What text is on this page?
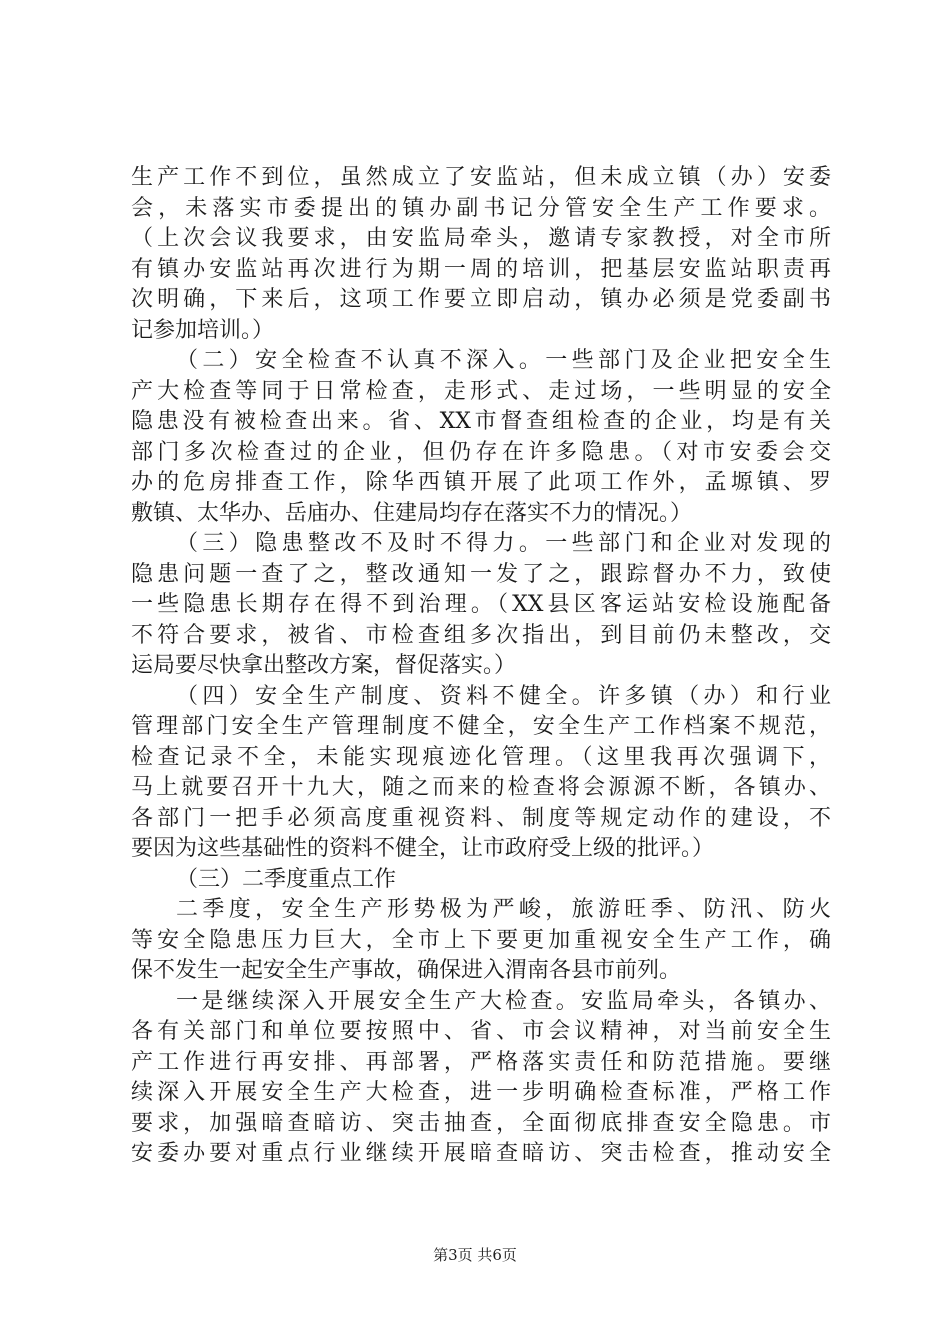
生产工作不到位，虽然成立了安监站，但未成立镇（办）安委
会，未落实市委提出的镇办副书记分管安全生产工作要求。
（上次会议我要求，由安监局牵头，邀请专家教授，对全市所
有镇办安监站再次进行为期一周的培训，把基层安监站职责再
次明确，下来后，这项工作要立即启动，镇办必须是党委副书
记参加培训。）
（二）安全检查不认真不深入。一些部门及企业把安全生
产大检查等同于日常检查，走形式、走过场，一些明显的安全
隐患没有被检查出来。省、XX市督查组检查的企业，均是有关
部门多次检查过的企业，但仍存在许多隐患。（对市安委会交
办的危房排查工作，除华西镇开展了此项工作外，孟塬镇、罗
敷镇、太华办、岳庙办、住建局均存在落实不力的情况。）
（三）隐患整改不及时不得力。一些部门和企业对发现的
隐患问题一查了之，整改通知一发了之，跟踪督办不力，致使
一些隐患长期存在得不到治理。（XX县区客运站安检设施配备
不符合要求，被省、市检查组多次指出，到目前仍未整改，交
运局要尽快拿出整改方案，督促落实。）
（四）安全生产制度、资料不健全。许多镇（办）和行业
管理部门安全生产管理制度不健全，安全生产工作档案不规范，
检查记录不全，未能实现痕迹化管理。（这里我再次强调下，
马上就要召开十九大，随之而来的检查将会源源不断，各镇办、
各部门一把手必须高度重视资料、制度等规定动作的建设，不
要因为这些基础性的资料不健全，让市政府受上级的批评。）
（三）二季度重点工作
二季度，安全生产形势极为严峻，旅游旺季、防汛、防火
等安全隐患压力巨大，全市上下要更加重视安全生产工作，确
保不发生一起安全生产事故，确保进入渭南各县市前列。
一是继续深入开展安全生产大检查。安监局牵头，各镇办、
各有关部门和单位要按照中、省、市会议精神，对当前安全生
产工作进行再安排、再部署，严格落实责任和防范措施。要继
续深入开展安全生产大检查，进一步明确检查标准，严格工作
要求，加强暗查暗访、突击抽查，全面彻底排查安全隐患。市
安委办要对重点行业继续开展暗查暗访、突击检查，推动安全
第3页 共6页
